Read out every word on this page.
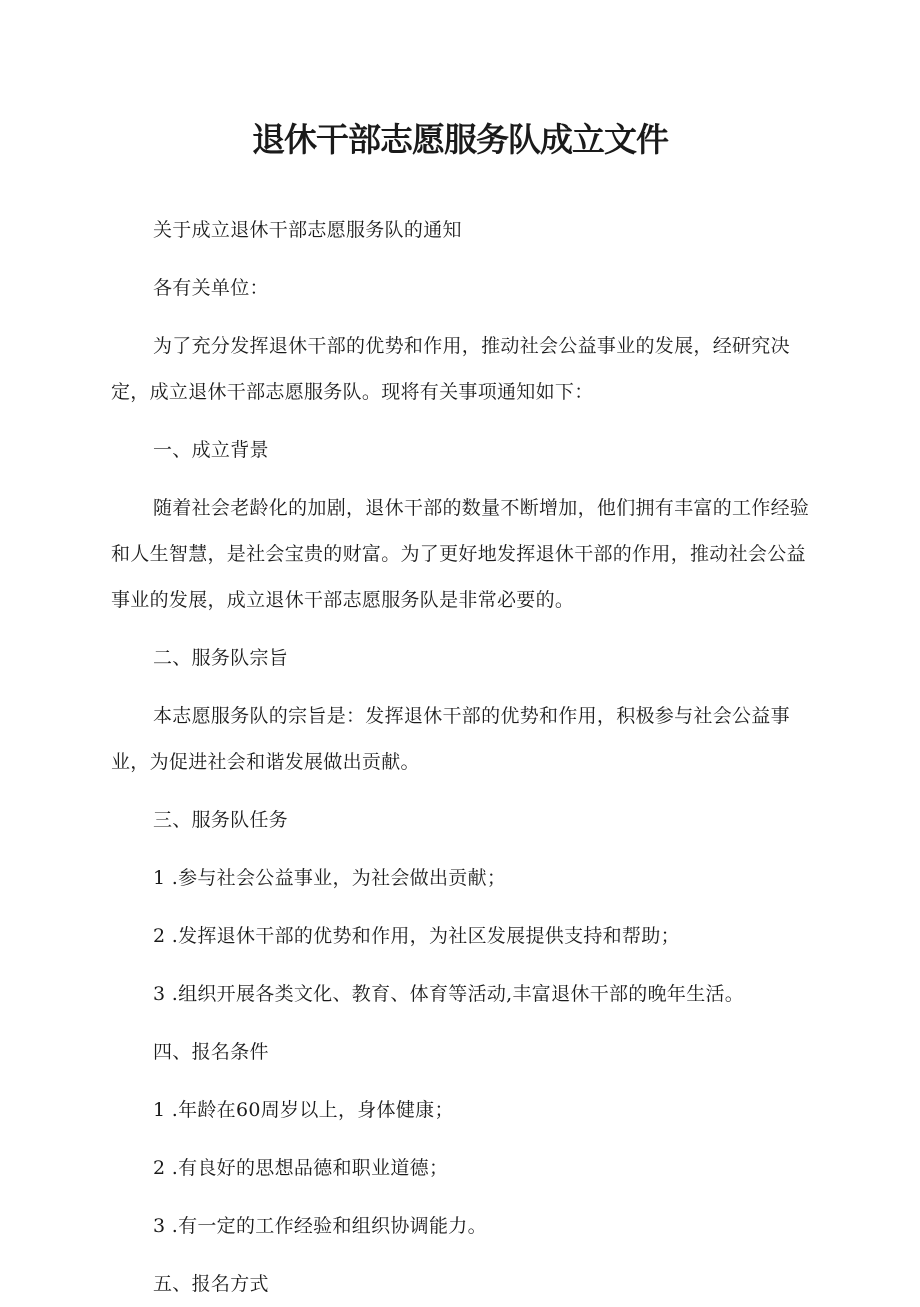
退休干部志愿服务队成立文件

关于成立退休干部志愿服务队的通知

各有关单位：

为了充分发挥退休干部的优势和作用，推动社会公益事业的发展，经研究决定，成立退休干部志愿服务队。现将有关事项通知如下：

一、成立背景

随着社会老龄化的加剧，退休干部的数量不断增加，他们拥有丰富的工作经验和人生智慧，是社会宝贵的财富。为了更好地发挥退休干部的作用，推动社会公益事业的发展，成立退休干部志愿服务队是非常必要的。

二、服务队宗旨

本志愿服务队的宗旨是：发挥退休干部的优势和作用，积极参与社会公益事业，为促进社会和谐发展做出贡献。

三、服务队任务

1 .参与社会公益事业，为社会做出贡献；

2 .发挥退休干部的优势和作用，为社区发展提供支持和帮助；

3 .组织开展各类文化、教育、体育等活动,丰富退休干部的晚年生活。

四、报名条件

1 .年龄在60周岁以上，身体健康；

2 .有良好的思想品德和职业道德；

3 .有一定的工作经验和组织协调能力。

五、报名方式
